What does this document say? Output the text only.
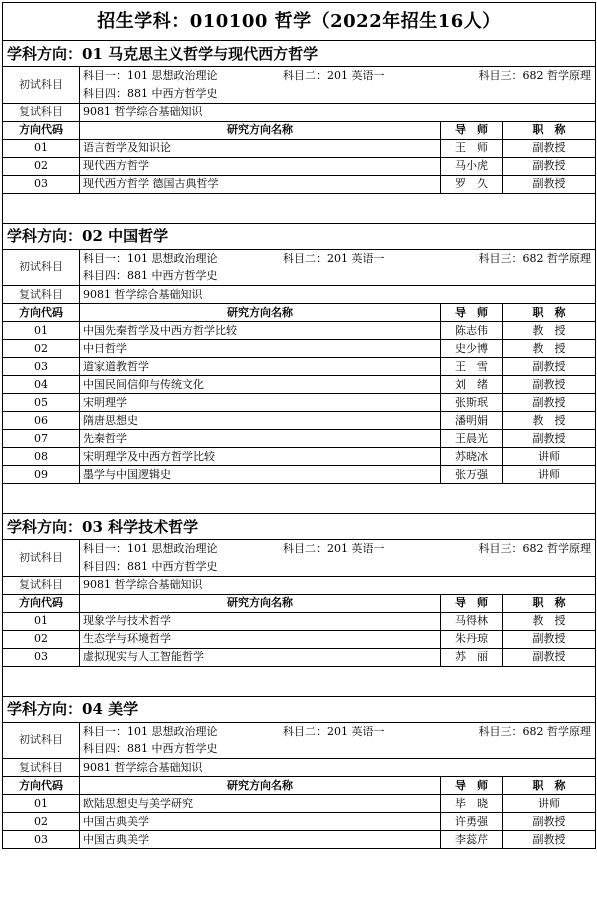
招生学科：010100 哲学（2022年招生16人）			
学科方向：01 马克思主义哲学与现代西方哲学			
初试科目	科目一：101 思想政治理论 科目二：201 英语一 科目三：682 哲学原理		

	科目四：881 中西方哲学史		
复试科目	9081 哲学综合基础知识		
方向代码	研究方向名称	导　师	职　称
01	语言哲学及知识论	王　师	副教授
02	现代西方哲学	马小虎	副教授
03	现代西方哲学 德国古典哲学	罗　久	副教授

学科方向：02 中国哲学			
初试科目	科目一：101 思想政治理论 科目二：201 英语一 科目三：682 哲学原理		

	科目四：881 中西方哲学史		
复试科目	9081 哲学综合基础知识		
方向代码	研究方向名称	导　师	职　称
01	中国先秦哲学及中西方哲学比较	陈志伟	教　授
02	中日哲学	史少博	教　授
03	道家道教哲学	王　雪	副教授
04	中国民间信仰与传统文化	刘　绪	副教授
05	宋明理学	张斯珉	副教授
06	隋唐思想史	潘明娟	教　授
07	先秦哲学	王晨光	副教授
08	宋明理学及中西方哲学比较	苏晓冰	讲师
09	墨学与中国逻辑史	张万强	讲师

学科方向：03 科学技术哲学			
初试科目	科目一：101 思想政治理论 科目二：201 英语一 科目三：682 哲学原理		

	科目四：881 中西方哲学史		
复试科目	9081 哲学综合基础知识		
方向代码	研究方向名称	导　师	职　称
01	现象学与技术哲学	马得林	教　授
02	生态学与环境哲学	朱丹琼	副教授
03	虚拟现实与人工智能哲学	苏　丽	副教授

学科方向：04 美学			
初试科目	科目一：101 思想政治理论 科目二：201 英语一 科目三：682 哲学原理		

	科目四：881 中西方哲学史		
复试科目	9081 哲学综合基础知识		
方向代码	研究方向名称	导　师	职　称
01	欧陆思想史与美学研究	毕　晓	讲师
02	中国古典美学	许勇强	副教授
03	中国古典美学	李蕊芹	副教授
